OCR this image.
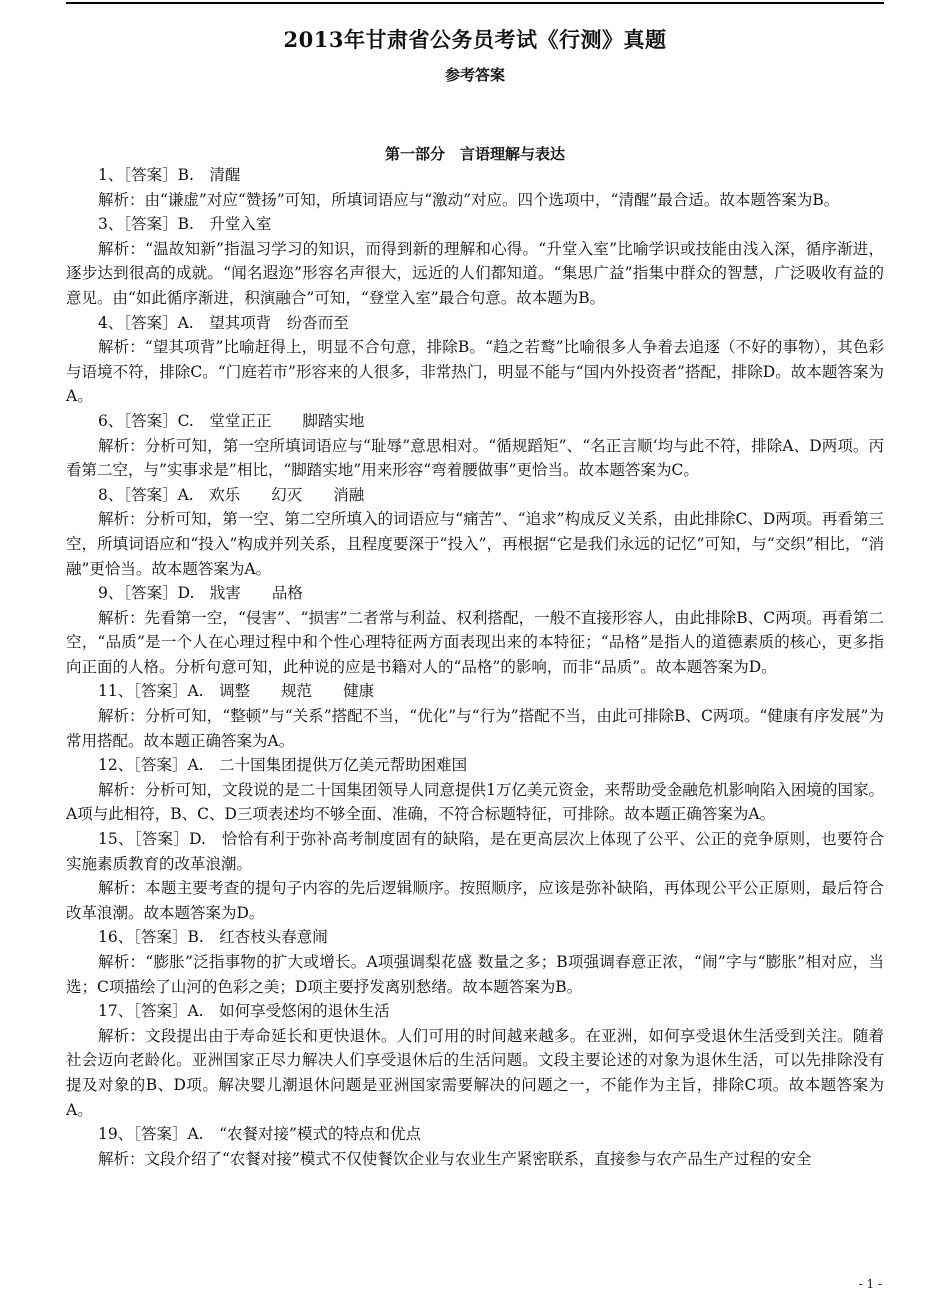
2013年甘肃省公务员考试《行测》真题
参考答案
第一部分　言语理解与表达

1、［答案］B.　清醒

解析：由“谦虚”对应“赞扬”可知，所填词语应与“激动”对应。四个选项中，“清醒”最合适。故本题答案为B。

3、［答案］B.　升堂入室

解析：“温故知新”指温习学习的知识，而得到新的理解和心得。“升堂入室”比喻学识或技能由浅入深，循序渐进，逐步达到很高的成就。“闻名遐迩”形容名声很大，远近的人们都知道。“集思广益”指集中群众的智慧，广泛吸收有益的意见。由“如此循序渐进，积演融合”可知，“登堂入室”最合句意。故本题为B。

4、［答案］A.　望其项背　纷沓而至

解析：“望其项背”比喻赶得上，明显不合句意，排除B。“趋之若鹜”比喻很多人争着去追逐（不好的事物），其色彩与语境不符，排除C。“门庭若市”形容来的人很多，非常热门，明显不能与“国内外投资者”搭配，排除D。故本题答案为A。

6、［答案］C.　堂堂正正　　脚踏实地

解析：分析可知，第一空所填词语应与“耻辱”意思相对。“循规蹈矩”、“名正言顺‘均与此不符，排除A、D两项。丙看第二空，与”实事求是”相比，“脚踏实地”用来形容“弯着腰做事”更恰当。故本题答案为C。

8、［答案］A.　欢乐　　幻灭　　消融

解析：分析可知，第一空、第二空所填入的词语应与“痛苦”、“追求”构成反义关系，由此排除C、D两项。再看第三空，所填词语应和“投入”构成并列关系，且程度要深于“投入”，再根据“它是我们永远的记忆”可知，与“交织”相比，“消融”更恰当。故本题答案为A。

9、［答案］D.　戕害　　品格

解析：先看第一空，“侵害”、“损害”二者常与利益、权利搭配，一般不直接形容人，由此排除B、C两项。再看第二空，“品质”是一个人在心理过程中和个性心理特征两方面表现出来的本特征；“品格”是指人的道德素质的核心，更多指向正面的人格。分析句意可知，此种说的应是书籍对人的“品格”的影响，而非“品质”。故本题答案为D。

11、［答案］A.　调整　　规范　　健康

解析：分析可知，“整顿”与“关系”搭配不当，“优化”与“行为”搭配不当，由此可排除B、C两项。“健康有序发展”为常用搭配。故本题正确答案为A。

12、［答案］A.　二十国集团提供万亿美元帮助困难国

解析：分析可知，文段说的是二十国集团领导人同意提供1万亿美元资金，来帮助受金融危机影响陷入困境的国家。A项与此相符，B、C、D三项表述均不够全面、准确，不符合标题特征，可排除。故本题正确答案为A。

15、［答案］D.　恰恰有利于弥补高考制度固有的缺陷，是在更高层次上体现了公平、公正的竞争原则，也要符合实施素质教育的改革浪潮。

解析：本题主要考查的提句子内容的先后逻辑顺序。按照顺序，应该是弥补缺陷，再体现公平公正原则，最后符合改革浪潮。故本题答案为D。

16、［答案］B.　红杏枝头春意闹

解析：“膨胀”泛指事物的扩大或增长。A项强调梨花盛 数量之多；B项强调春意正浓，“闹”字与“膨胀”相对应，当选；C项描绘了山河的色彩之美；D项主要抒发离别愁绪。故本题答案为B。

17、［答案］A.　如何享受悠闲的退休生活

解析：文段提出由于寿命延长和更快退休。人们可用的时间越来越多。在亚洲，如何享受退休生活受到关注。随着社会迈向老龄化。亚洲国家正尽力解决人们享受退休后的生活问题。文段主要论述的对象为退休生活，可以先排除没有提及对象的B、D项。解决婴儿潮退休问题是亚洲国家需要解决的问题之一，不能作为主旨，排除C项。故本题答案为A。

19、［答案］A.　“农餐对接”模式的特点和优点

解析：文段介绍了“农餐对接”模式不仅使餐饮企业与农业生产紧密联系，直接参与农产品生产过程的安全

- 1 -
